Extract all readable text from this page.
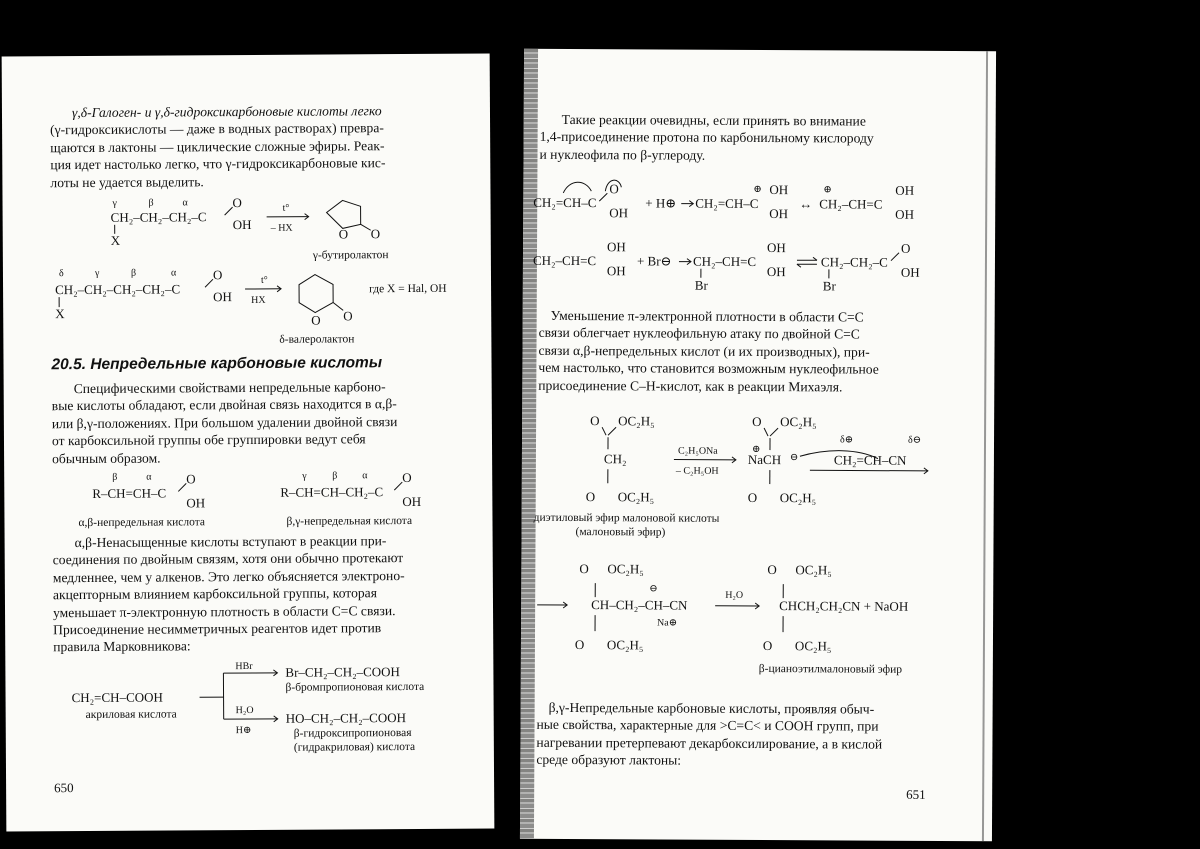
γ,δ-Галоген- и γ,δ-гидроксикарбоновые кислоты легко
(γ-гидроксикислоты — даже в водных растворах) превра-
щаются в лактоны — циклические сложные эфиры. Реак-
ция идет настолько легко, что γ-гидроксикарбоновые кис-
лоты не удается выделить.
γ	β	α
CH₂–CH₂–CH₂–C
X
O
OH
t°
– HX	O O
γ-бутиролактон
δ	γ	β	α
CH₂–CH₂–CH₂–CH₂–C
X
O
OH
t°
HX
O O
где X = Hal, OH
δ-валеролактон
20.5. Непредельные карбоновые кислоты
Специфическими свойствами непредельные карбоно-
вые кислоты обладают, если двойная связь находится в α,β-
или β,γ-положениях. При большом удалении двойной связи
от карбоксильной группы обе группировки ведут себя
обычным образом.
β	α
R–CH=CH–C
O
OH
α,β-непредельная кислота
γ	β α
R–CH=CH–CH₂–C
O
OH
β,γ-непредельная кислота
α,β-Ненасыщенные кислоты вступают в реакции при-
соединения по двойным связям, хотя они обычно протекают
медленнее, чем у алкенов. Это легко объясняется электроно-
акцепторным влиянием карбоксильной группы, которая
уменьшает π-электронную плотность в области С=С связи.
Присоединение несимметричных реагентов идет против
правила Марковникова:
HBr	Br–CH₂–CH₂–COOH
β-бромпропионовая кислота
CH₂=CH–COOH
акриловая кислота	H₂O
H⊕
HO–CH₂–CH₂–COOH
β-гидроксипропионовая
(гидракриловая) кислота
650
Такие реакции очевидны, если принять во внимание
1,4-присоединение протона по карбонильному кислороду
и нуклеофила по β-углероду.
CH₂=CH–C
O
OH
+ H⊕ CH₂=CH–C
⊕ OH
OH
↔
⊕
CH₂–CH=C
OH
OH
CH₂–CH=C
OH
OH
+ Br⊖ CH₂–CH=C
Br
OH
OH
CH₂–CH₂–C
Br
O
OH
Уменьшение π-электронной плотности в области С=С
связи облегчает нуклеофильную атаку по двойной С=С
связи α,β-непредельных кислот (и их производных), при-
чем настолько, что становится возможным нуклеофильное
присоединение С–Н-кислот, как в реакции Михаэля.
O OC₂H₅
CH₂
O OC₂H₅
C₂H₅ONa
– C₂H₅OH
O OC₂H₅
⊕
NaCH ⊖
O OC₂H₅
δ⊕	δ⊖
CH₂=CH–CN
диэтиловый эфир малоновой кислоты
(малоновый эфир)
O OC₂H₅
⊖
CH–CH₂–CH–CN
Na⊕
O OC₂H₅
H₂O
O OC₂H₅
CHCH₂CH₂CN + NaOH
O OC₂H₅
β-цианоэтилмалоновый эфир
β,γ-Непредельные карбоновые кислоты, проявляя обыч-
ные свойства, характерные для >C=C< и СООН групп, при
нагревании претерпевают декарбоксилирование, а в кислой
среде образуют лактоны:
651
